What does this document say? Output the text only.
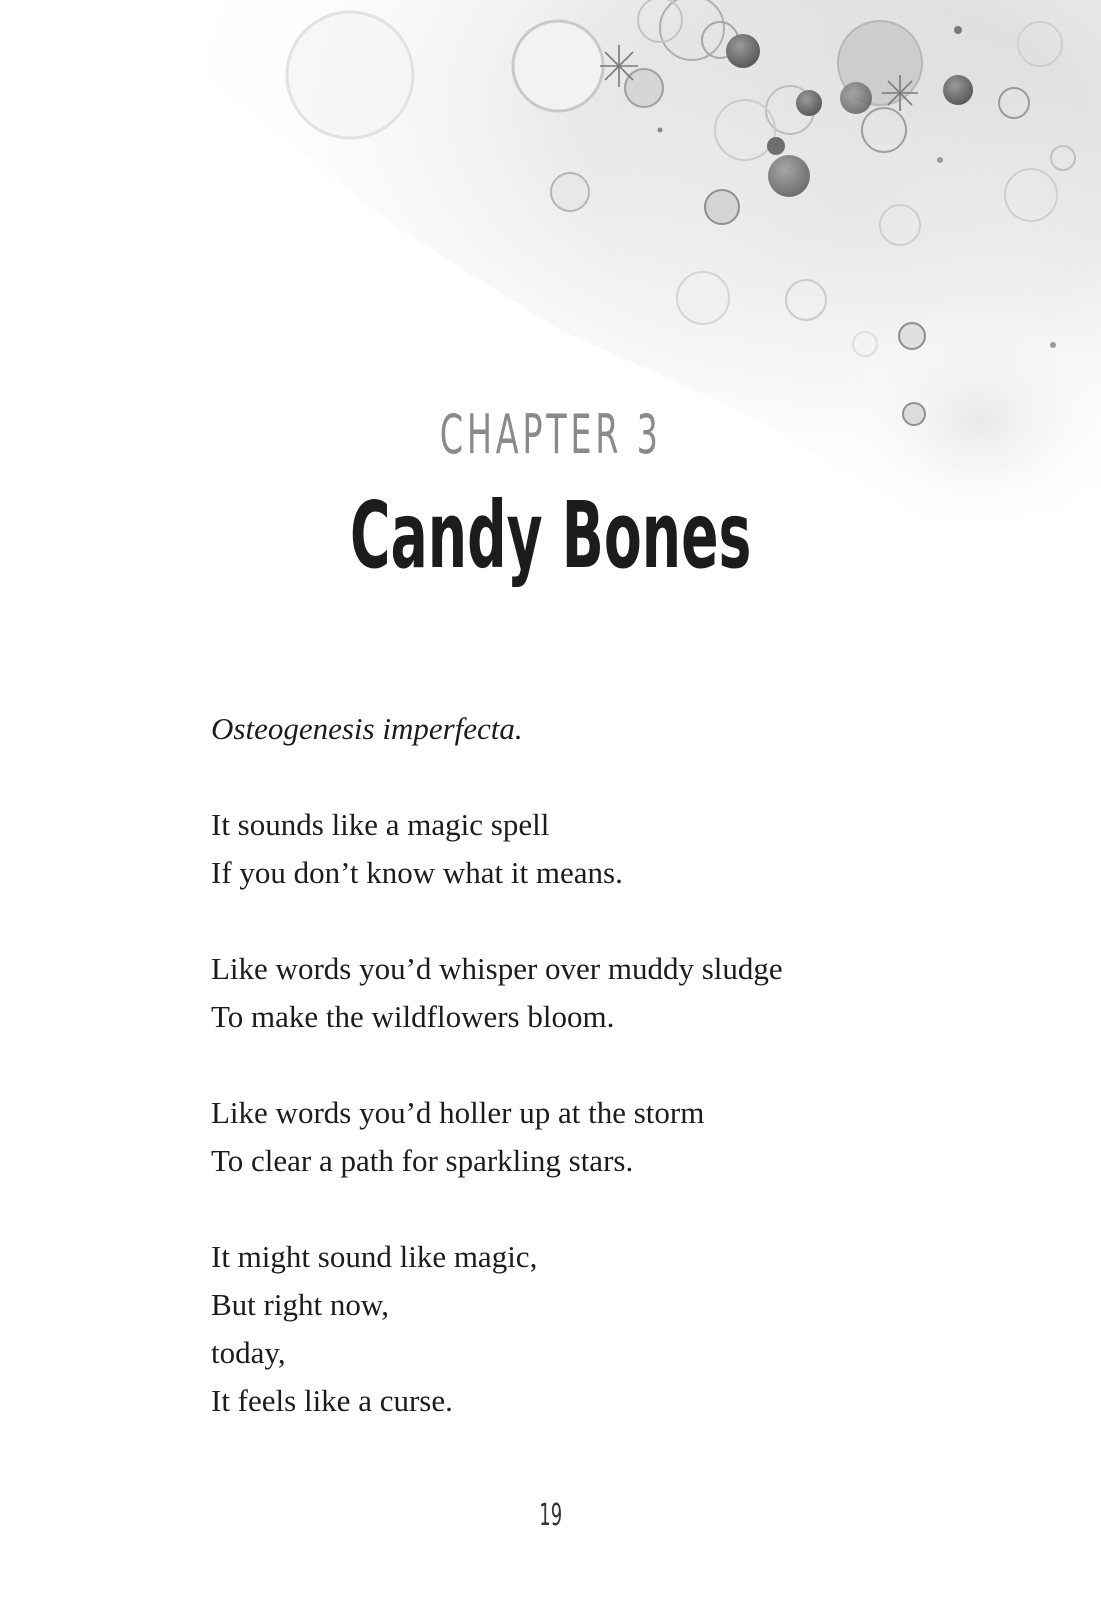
CHAPTER 3
Candy Bones
Osteogenesis imperfecta.
It sounds like a magic spell
If you don’t know what it means.
Like words you’d whisper over muddy sludge
To make the wildflowers bloom.
Like words you’d holler up at the storm
To clear a path for sparkling stars.
It might sound like magic,
But right now,
today,
It feels like a curse.
19
